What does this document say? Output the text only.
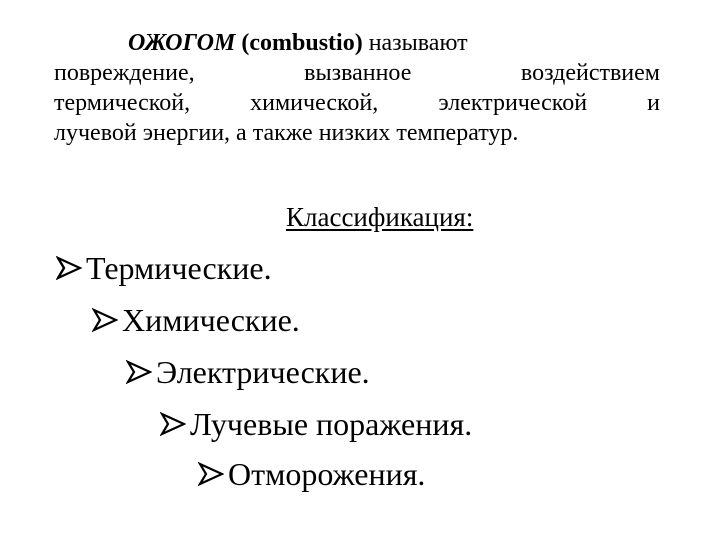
ОЖОГОМ (combustio) называют
повреждение,	вызванное	воздействием
термической,	химической,	электрической	и
лучевой энергии, а также низких температур.
Классификация:
Термические.
Химические.
Электрические.
Лучевые поражения.
Отморожения.
